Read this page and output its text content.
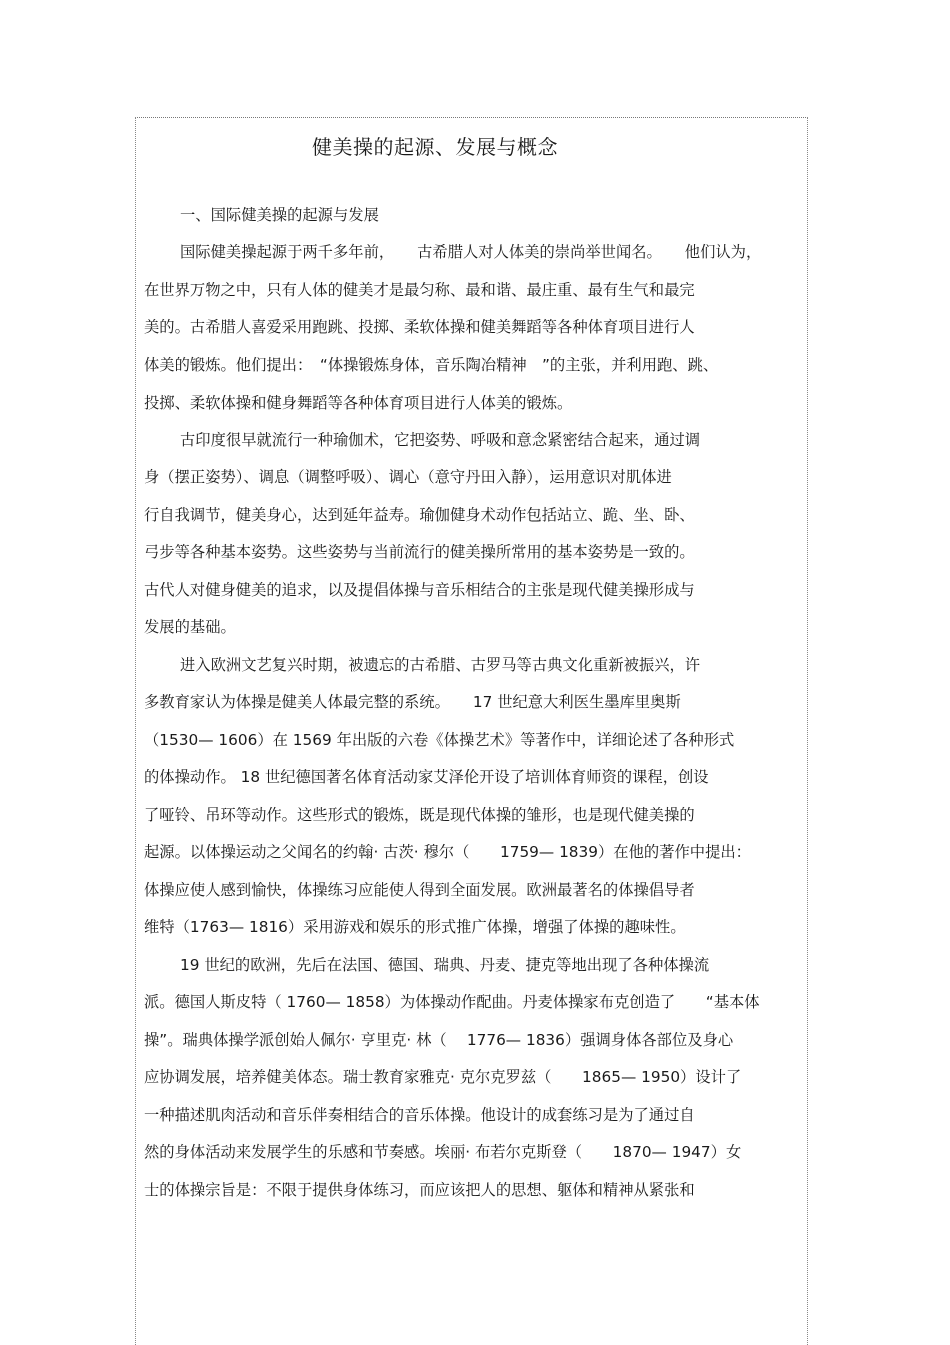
健美操的起源、发展与概念
一、国际健美操的起源与发展
国际健美操起源于两千多年前，　　古希腊人对人体美的崇尚举世闻名。　　他们认为，
在世界万物之中，只有人体的健美才是最匀称、最和谐、最庄重、最有生气和最完
美的。古希腊人喜爱采用跑跳、投掷、柔软体操和健美舞蹈等各种体育项目进行人
体美的锻炼。他们提出：　“体操锻炼身体，音乐陶冶精神　”的主张，并利用跑、跳、
投掷、柔软体操和健身舞蹈等各种体育项目进行人体美的锻炼。
古印度很早就流行一种瑜伽术，它把姿势、呼吸和意念紧密结合起来，通过调
身（摆正姿势）、调息（调整呼吸）、调心（意守丹田入静），运用意识对肌体进
行自我调节，健美身心，达到延年益寿。瑜伽健身术动作包括站立、跪、坐、卧、
弓步等各种基本姿势。这些姿势与当前流行的健美操所常用的基本姿势是一致的。
古代人对健身健美的追求，以及提倡体操与音乐相结合的主张是现代健美操形成与
发展的基础。
进入欧洲文艺复兴时期，被遗忘的古希腊、古罗马等古典文化重新被振兴，许
多教育家认为体操是健美人体最完整的系统。　　17 世纪意大利医生墨库里奥斯
（1530— 1606）在 1569 年出版的六卷《体操艺术》等著作中，详细论述了各种形式
的体操动作。 18 世纪德国著名体育活动家艾泽伦开设了培训体育师资的课程，创设
了哑铃、吊环等动作。这些形式的锻炼，既是现代体操的雏形，也是现代健美操的
起源。以体操运动之父闻名的约翰· 古茨· 穆尔（　　1759— 1839）在他的著作中提出：
体操应使人感到愉快，体操练习应能使人得到全面发展。欧洲最著名的体操倡导者
维特（1763— 1816）采用游戏和娱乐的形式推广体操，增强了体操的趣味性。
19 世纪的欧洲，先后在法国、德国、瑞典、丹麦、捷克等地出现了各种体操流
派。德国人斯皮特（ 1760— 1858）为体操动作配曲。丹麦体操家布克创造了　　“基本体
操”。瑞典体操学派创始人佩尔· 亨里克· 林（　 1776— 1836）强调身体各部位及身心
应协调发展，培养健美体态。瑞士教育家雅克· 克尔克罗兹（　　1865— 1950）设计了
一种描述肌肉活动和音乐伴奏相结合的音乐体操。他设计的成套练习是为了通过自
然的身体活动来发展学生的乐感和节奏感。埃丽· 布若尔克斯登（　　1870— 1947）女
士的体操宗旨是：不限于提供身体练习，而应该把人的思想、躯体和精神从紧张和
